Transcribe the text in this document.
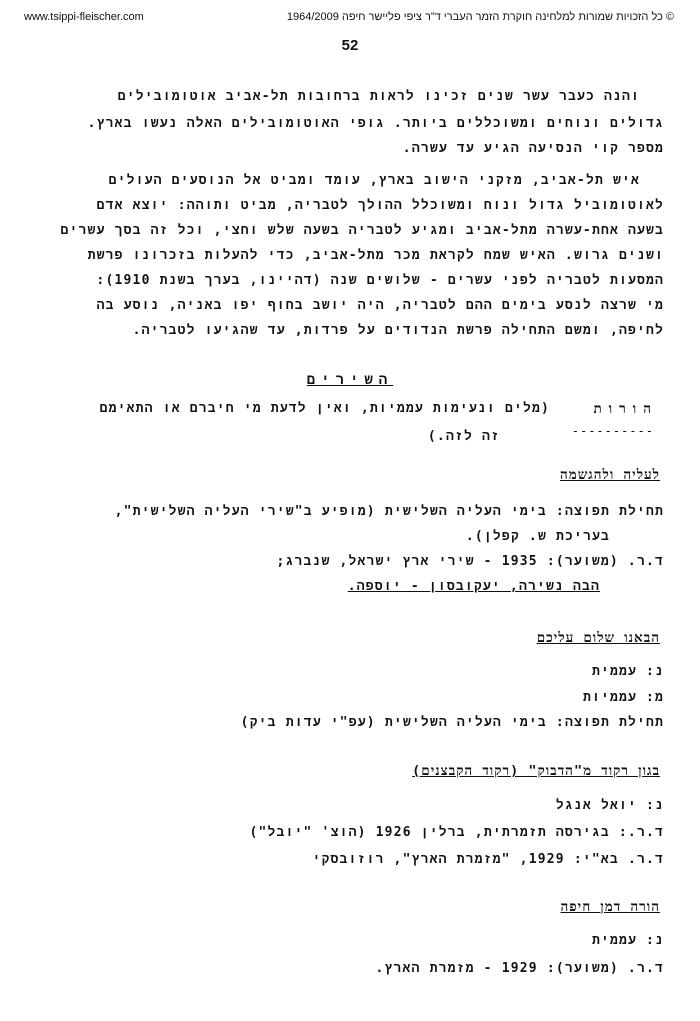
www.tsippi-fleischer.com	© כל הזכויות שמורות למלחינה חוקרת הזמר העברי ד"ר ציפי פליישר חיפה 1964/2009
52
והנה כעבר עשר שנים זכינו לראות ברחובות תל-אביב אוטומובילים
גדולים ונוחים ומשוכללים ביותר. גופי האוטומובילים האלה נעשו בארץ.
מספר קוי הנסיעה הגיע עד עשרה.
איש תל-אביב, מזקני הישוב בארץ, עומד ומביט אל הנוסעים העולים
לאוטומוביל גדול ונוח ומשוכלל ההולך לטבריה, מביט ותוהה: יוצא אדם
בשעה אחת-עשרה מתל-אביב ומגיע לטבריה בשעה שלש וחצי, וכל זה בסך עשרים
ושנים גרוש. האיש שמח לקראת מכר מתל-אביב, כדי להעלות בזכרונו פרשת
המסעות לטבריה לפני עשרים - שלושים שנה (דהיינו, בערך בשנת 1910):
מי שרצה לנסע בימים ההם לטבריה, היה יושב בחוף יפו באניה, נוסע בה
לחיפה, ומשם התחילה פרשת הנדודים על פרדות, עד שהגיעו לטבריה.
השירים
הורות
(מלים ונעימות עממיות, ואין לדעת מי חיברם או התאימם
----------
זה לזה.)
לעליה ולהגשמה
תחילת תפוצה: בימי העליה השלישית (מופיע ב"שירי העליה השלישית",
בעריכת ש. קפלן).
ד.ר. (משוער): 1935 - שירי ארץ ישראל, שנברג;
הבה נשירה, יעקובסון - יוספה.
הבאנו שלום עליכם
נ: עממית
מ: עממיות
תחילת תפוצה: בימי העליה השלישית (עפ"י עדות ביק)
בגון רקוד מ"הדבוק" (רקוד הקבצנים)
נ: יואל אנגל
ד.ר.: בגירסה תזמרתית, ברלין 1926 (הוצ' "יובל")
ד.ר. בא"י: 1929, "מזמרת הארץ", רוזובסקי
הורה דמן חיפה
נ: עממית
ד.ר. (משוער): 1929 - מזמרת הארץ.
